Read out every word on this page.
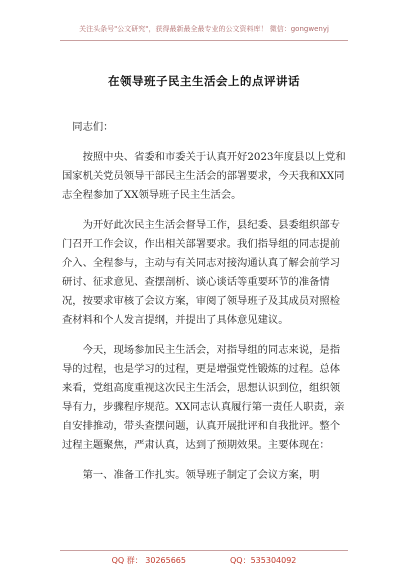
关注头条号"公文研究"，获得最新最全最专业的公文资料库！ 微信：gongwenyj
在领导班子民主生活会上的点评讲话

同志们：

按照中央、省委和市委关于认真开好2023年度县以上党和国家机关党员领导干部民主生活会的部署要求，今天我和XX同志全程参加了XX领导班子民主生活会。

为开好此次民主生活会督导工作，县纪委、县委组织部专门召开工作会议，作出相关部署要求。我们指导组的同志提前介入、全程参与，主动与有关同志对接沟通认真了解会前学习研讨、征求意见、查摆剖析、谈心谈话等重要环节的准备情况，按要求审核了会议方案，审阅了领导班子及其成员对照检查材料和个人发言提纲，并提出了具体意见建议。

今天，现场参加民主生活会，对指导组的同志来说，是指导的过程，也是学习的过程，更是增强党性锻炼的过程。总体来看，党组高度重视这次民主生活会，思想认识到位，组织领导有力，步骤程序规范。XX同志认真履行第一责任人职责，亲自安排推动，带头查摆问题，认真开展批评和自我批评。整个过程主题聚焦，严肃认真，达到了预期效果。主要体现在：

第一、准备工作扎实。领导班子制定了会议方案，明

QQ 群： 30265665	QQ：535304092
